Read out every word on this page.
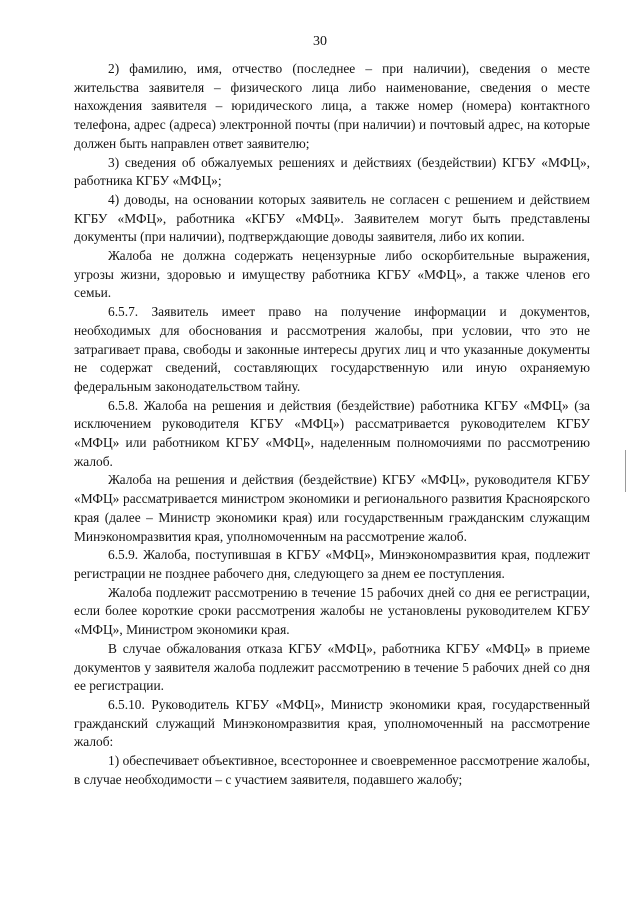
30

2) фамилию, имя, отчество (последнее – при наличии), сведения о месте жительства заявителя – физического лица либо наименование, сведения о месте нахождения заявителя – юридического лица, а также номер (номера) контактного телефона, адрес (адреса) электронной почты (при наличии) и почтовый адрес, на которые должен быть направлен ответ заявителю;

3) сведения об обжалуемых решениях и действиях (бездействии) КГБУ «МФЦ», работника КГБУ «МФЦ»;

4) доводы, на основании которых заявитель не согласен с решением и действием КГБУ «МФЦ», работника «КГБУ «МФЦ». Заявителем могут быть представлены документы (при наличии), подтверждающие доводы заявителя, либо их копии.

Жалоба не должна содержать нецензурные либо оскорбительные выражения, угрозы жизни, здоровью и имуществу работника КГБУ «МФЦ», а также членов его семьи.

6.5.7. Заявитель имеет право на получение информации и документов, необходимых для обоснования и рассмотрения жалобы, при условии, что это не затрагивает права, свободы и законные интересы других лиц и что указанные документы не содержат сведений, составляющих государственную или иную охраняемую федеральным законодательством тайну.

6.5.8. Жалоба на решения и действия (бездействие) работника КГБУ «МФЦ» (за исключением руководителя КГБУ «МФЦ») рассматривается руководителем КГБУ «МФЦ» или работником КГБУ «МФЦ», наделенным полномочиями по рассмотрению жалоб.

Жалоба на решения и действия (бездействие) КГБУ «МФЦ», руководителя КГБУ «МФЦ» рассматривается министром экономики и регионального развития Красноярского края (далее – Министр экономики края) или государственным гражданским служащим Минэкономразвития края, уполномоченным на рассмотрение жалоб.

6.5.9. Жалоба, поступившая в КГБУ «МФЦ», Минэкономразвития края, подлежит регистрации не позднее рабочего дня, следующего за днем ее поступления.

Жалоба подлежит рассмотрению в течение 15 рабочих дней со дня ее регистрации, если более короткие сроки рассмотрения жалобы не установлены руководителем КГБУ «МФЦ», Министром экономики края.

В случае обжалования отказа КГБУ «МФЦ», работника КГБУ «МФЦ» в приеме документов у заявителя жалоба подлежит рассмотрению в течение 5 рабочих дней со дня ее регистрации.

6.5.10. Руководитель КГБУ «МФЦ», Министр экономики края, государственный гражданский служащий Минэкономразвития края, уполномоченный на рассмотрение жалоб:

1) обеспечивает объективное, всестороннее и своевременное рассмотрение жалобы, в случае необходимости – с участием заявителя, подавшего жалобу;
